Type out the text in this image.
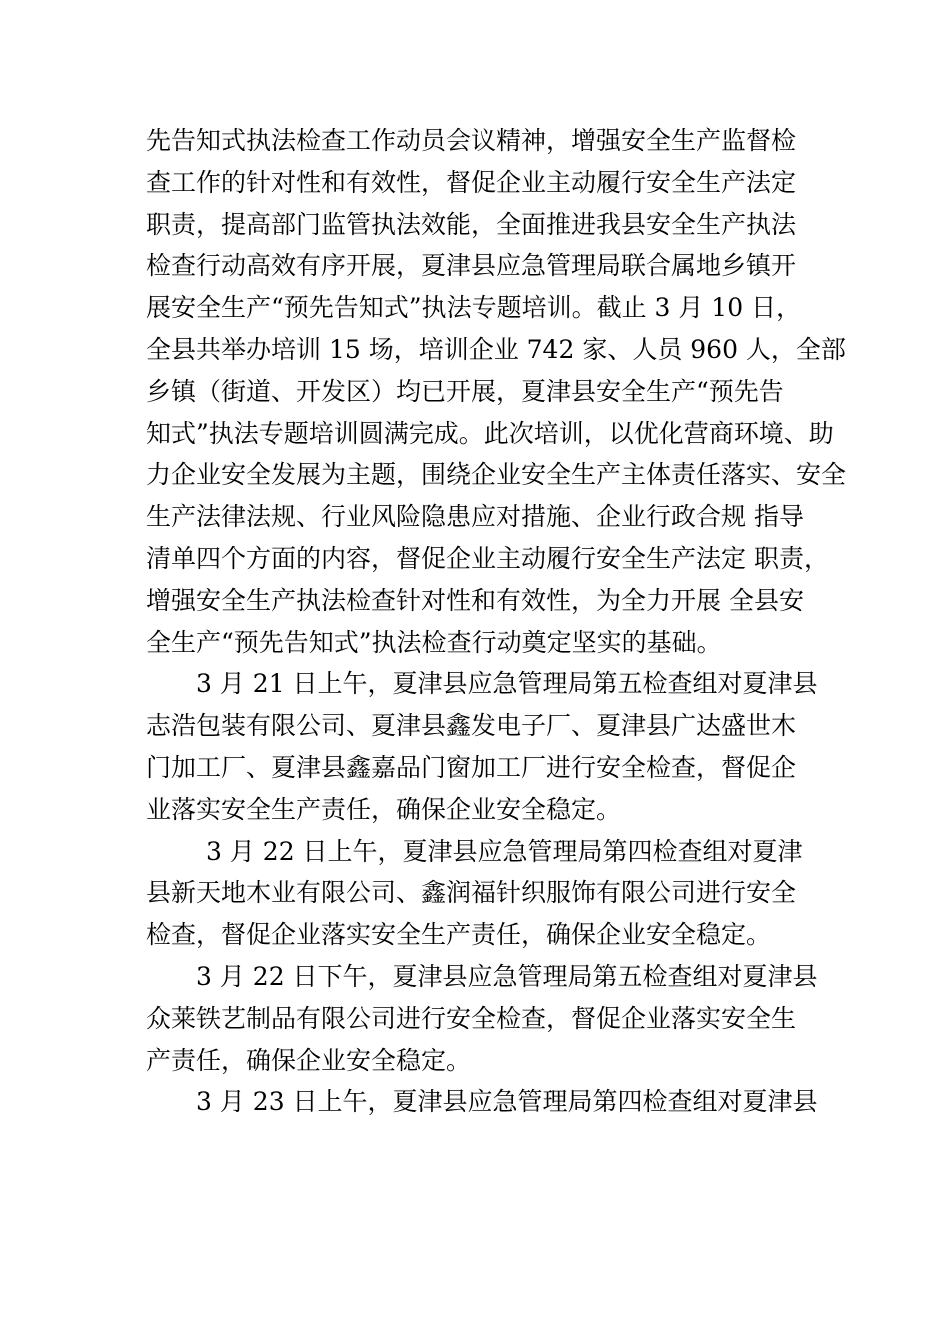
先告知式执法检查工作动员会议精神，增强安全生产监督检
查工作的针对性和有效性，督促企业主动履行安全生产法定
职责，提高部门监管执法效能，全面推进我县安全生产执法
检查行动高效有序开展，夏津县应急管理局联合属地乡镇开
展安全生产“预先告知式”执法专题培训。截止 3 月 10 日，
全县共举办培训 15 场，培训企业 742 家、人员 960 人，全部
乡镇（街道、开发区）均已开展，夏津县安全生产“预先告
知式”执法专题培训圆满完成。此次培训，以优化营商环境、助
力企业安全发展为主题，围绕企业安全生产主体责任落实、安全
生产法律法规、行业风险隐患应对措施、企业行政合规 指导
清单四个方面的内容，督促企业主动履行安全生产法定 职责，
增强安全生产执法检查针对性和有效性，为全力开展 全县安
全生产“预先告知式”执法检查行动奠定坚实的基础。
3 月 21 日上午，夏津县应急管理局第五检查组对夏津县
志浩包装有限公司、夏津县鑫发电子厂、夏津县广达盛世木
门加工厂、夏津县鑫嘉品门窗加工厂进行安全检查，督促企
业落实安全生产责任，确保企业安全稳定。
3 月 22 日上午，夏津县应急管理局第四检查组对夏津
县新天地木业有限公司、鑫润福针织服饰有限公司进行安全
检查，督促企业落实安全生产责任，确保企业安全稳定。
3 月 22 日下午，夏津县应急管理局第五检查组对夏津县
众莱铁艺制品有限公司进行安全检查，督促企业落实安全生
产责任，确保企业安全稳定。
3 月 23 日上午，夏津县应急管理局第四检查组对夏津县
